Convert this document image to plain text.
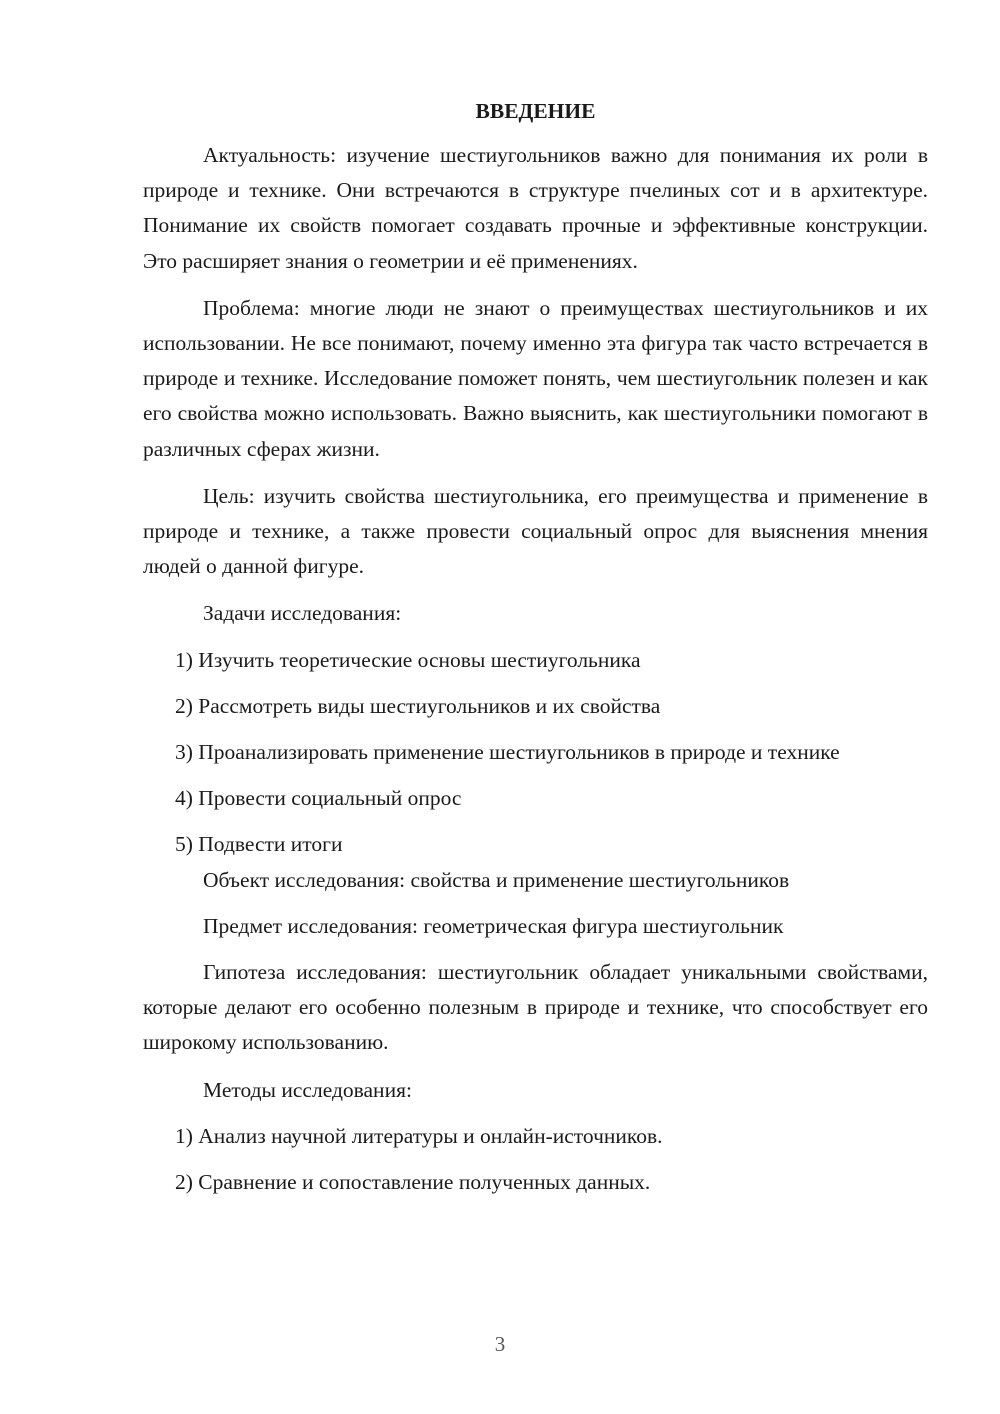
ВВЕДЕНИЕ

Актуальность: изучение шестиугольников важно для понимания их роли в природе и технике. Они встречаются в структуре пчелиных сот и в архитектуре. Понимание их свойств помогает создавать прочные и эффективные конструкции. Это расширяет знания о геометрии и её применениях.

Проблема: многие люди не знают о преимуществах шестиугольников и их использовании. Не все понимают, почему именно эта фигура так часто встречается в природе и технике. Исследование поможет понять, чем шестиугольник полезен и как его свойства можно использовать. Важно выяснить, как шестиугольники помогают в различных сферах жизни.

Цель: изучить свойства шестиугольника, его преимущества и применение в природе и технике, а также провести социальный опрос для выяснения мнения людей о данной фигуре.

Задачи исследования:

1) Изучить теоретические основы шестиугольника

2) Рассмотреть виды шестиугольников и их свойства

3) Проанализировать применение шестиугольников в природе и технике

4) Провести социальный опрос

5) Подвести итоги

Объект исследования: свойства и применение шестиугольников

Предмет исследования: геометрическая фигура шестиугольник

Гипотеза исследования: шестиугольник обладает уникальными свойствами, которые делают его особенно полезным в природе и технике, что способствует его широкому использованию.

Методы исследования:

1) Анализ научной литературы и онлайн-источников.

2) Сравнение и сопоставление полученных данных.

3
